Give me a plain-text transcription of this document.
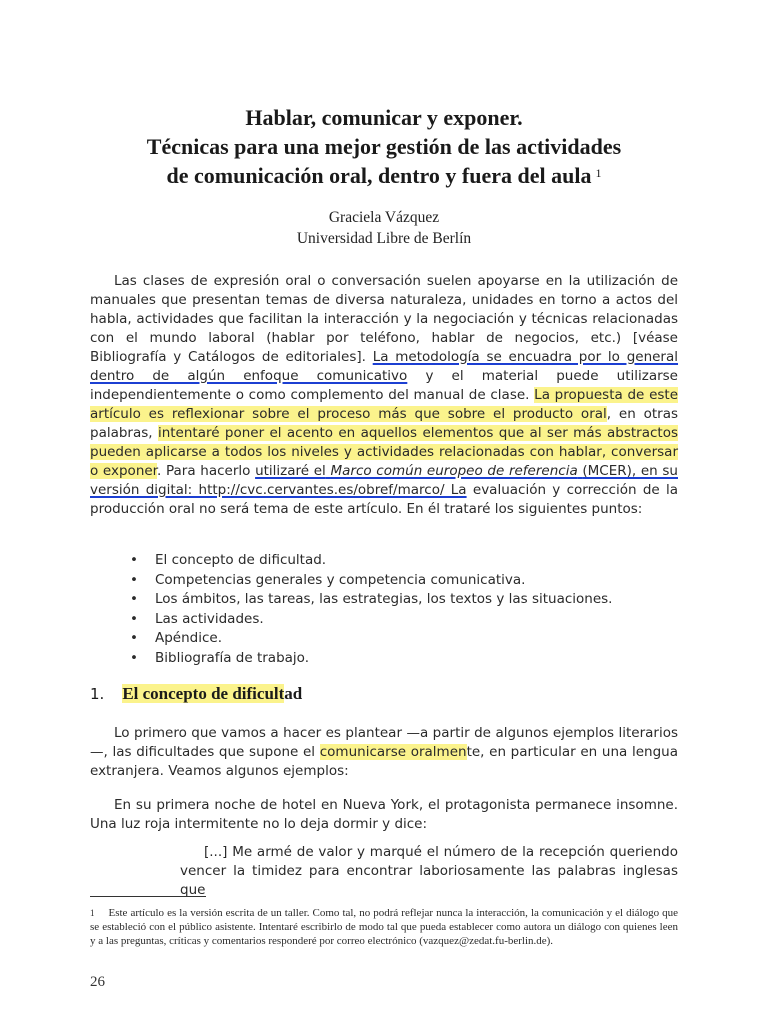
Hablar, comunicar y exponer.
Técnicas para una mejor gestión de las actividades
de comunicación oral, dentro y fuera del aula $^1$
Graciela Vázquez
Universidad Libre de Berlín
Las clases de expresión oral o conversación suelen apoyarse en la utilización de manuales que presentan temas de diversa naturaleza, unidades en torno a actos del habla, actividades que facilitan la interacción y la negociación y técnicas relacionadas con el mundo laboral (hablar por teléfono, hablar de negocios, etc.) [véase Bibliografía y Catálogos de editoriales]. La metodología se encuadra por lo general dentro de algún enfoque comunicativo y el material puede utilizarse independientemente o como complemento del manual de clase. La propuesta de este artículo es reflexionar sobre el proceso más que sobre el producto oral, en otras palabras, intentaré poner el acento en aquellos elementos que al ser más abstractos pueden aplicarse a todos los niveles y actividades relacionadas con hablar, conversar o exponer. Para hacerlo utilizaré el Marco común europeo de referencia (MCER), en su versión digital: http://cvc.cervantes.es/obref/marco/ La evaluación y corrección de la producción oral no será tema de este artículo. En él trataré los siguientes puntos:
• El concepto de dificultad.
• Competencias generales y competencia comunicativa.
• Los ámbitos, las tareas, las estrategias, los textos y las situaciones.
• Las actividades.
• Apéndice.
• Bibliografía de trabajo.
1. El concepto de dificultad
Lo primero que vamos a hacer es plantear —a partir de algunos ejemplos literarios—, las dificultades que supone el comunicarse oralmente, en particular en una lengua extranjera. Veamos algunos ejemplos:
En su primera noche de hotel en Nueva York, el protagonista permanece insomne. Una luz roja intermitente no lo deja dormir y dice:
[...] Me armé de valor y marqué el número de la recepción queriendo vencer la timidez para encontrar laboriosamente las palabras inglesas que
$^1$ Este artículo es la versión escrita de un taller. Como tal, no podrá reflejar nunca la interacción, la comunicación y el diálogo que se estableció con el público asistente. Intentaré escribirlo de modo tal que pueda establecer como autora un diálogo con quienes leen y a las preguntas, críticas y comentarios responderé por correo electrónico (vazquez@zedat.fu-berlin.de).
26
